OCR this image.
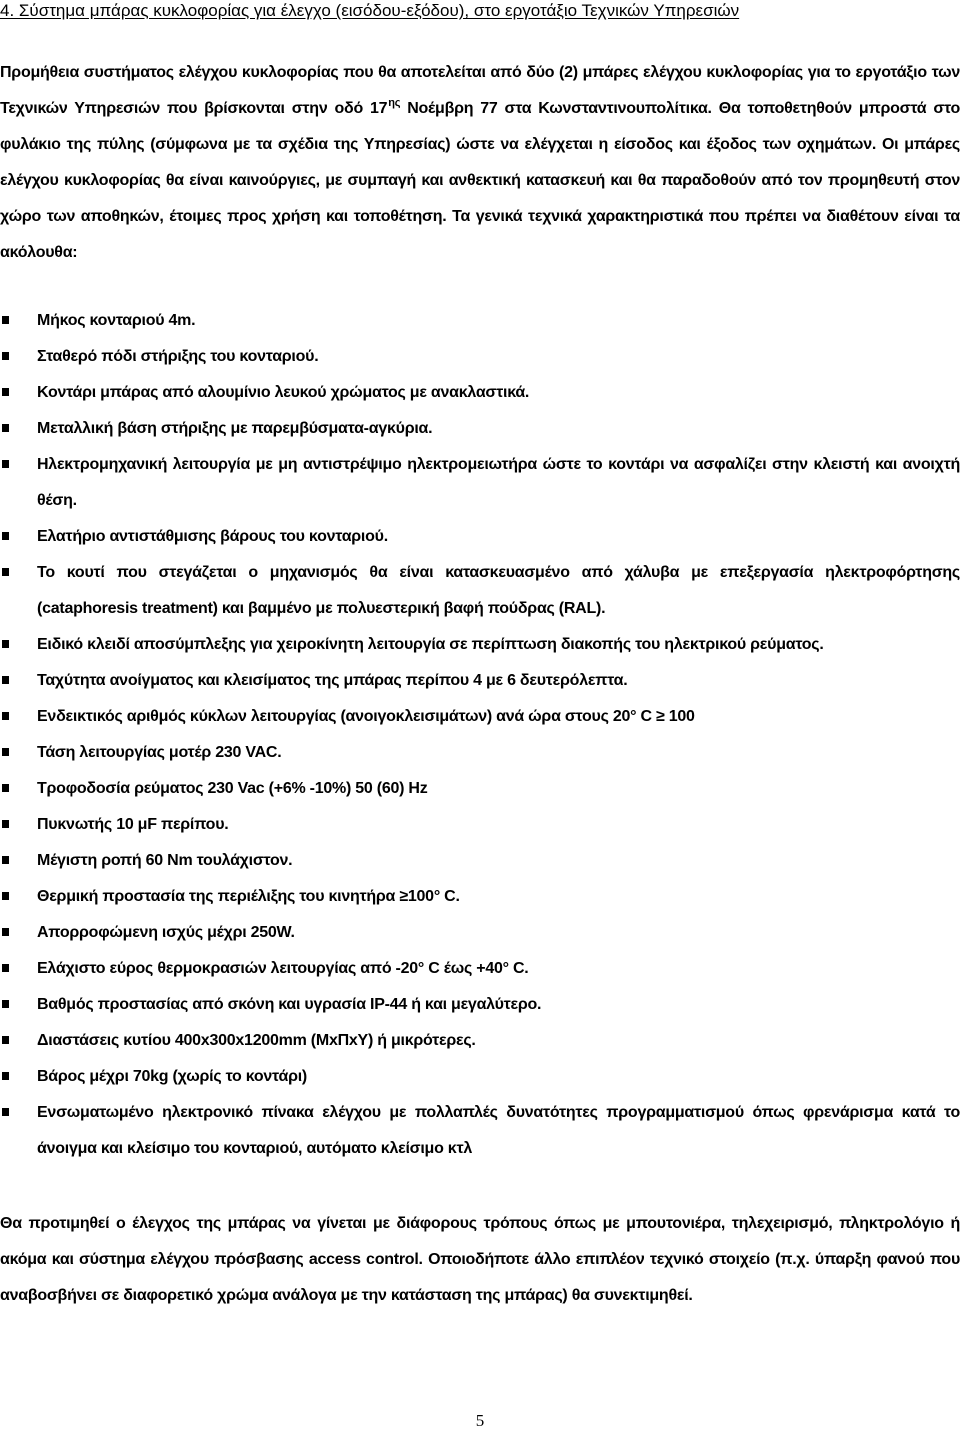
4. Σύστημα μπάρας κυκλοφορίας για έλεγχο (εισόδου-εξόδου), στο εργοτάξιο Τεχνικών Υπηρεσιών
Προμήθεια συστήματος ελέγχου κυκλοφορίας που θα αποτελείται από δύο (2) μπάρες ελέγχου κυκλοφορίας για το εργοτάξιο των Τεχνικών Υπηρεσιών που βρίσκονται στην οδό $17^{\eta\varsigma}$ Νοέμβρη 77 στα Κωνσταντινουπολίτικα. Θα τοποθετηθούν μπροστά στο φυλάκιο της πύλης (σύμφωνα με τα σχέδια της Υπηρεσίας) ώστε να ελέγχεται η είσοδος και έξοδος των οχημάτων. Οι μπάρες ελέγχου κυκλοφορίας θα είναι καινούργιες, με συμπαγή και ανθεκτική κατασκευή και θα παραδοθούν από τον προμηθευτή στον χώρο των αποθηκών, έτοιμες προς χρήση και τοποθέτηση. Τα γενικά τεχνικά χαρακτηριστικά που πρέπει να διαθέτουν είναι τα ακόλουθα:
Μήκος κονταριού 4m.
Σταθερό πόδι στήριξης του κονταριού.
Κοντάρι μπάρας από αλουμίνιο λευκού χρώματος με ανακλαστικά.
Μεταλλική βάση στήριξης με παρεμβύσματα-αγκύρια.
Ηλεκτρομηχανική λειτουργία με μη αντιστρέψιμο ηλεκτρομειωτήρα ώστε το κοντάρι να ασφαλίζει στην κλειστή και ανοιχτή θέση.
Ελατήριο αντιστάθμισης βάρους του κονταριού.
Το κουτί που στεγάζεται ο μηχανισμός θα είναι κατασκευασμένο από χάλυβα με επεξεργασία ηλεκτροφόρτησης (cataphoresis treatment) και βαμμένο με πολυεστερική βαφή πούδρας (RAL).
Ειδικό κλειδί αποσύμπλεξης για χειροκίνητη λειτουργία σε περίπτωση διακοπής του ηλεκτρικού ρεύματος.
Ταχύτητα ανοίγματος και κλεισίματος της μπάρας περίπου 4 με 6 δευτερόλεπτα.
Ενδεικτικός αριθμός κύκλων λειτουργίας (ανοιγοκλεισιμάτων) ανά ώρα στους 20° C ≥ 100
Τάση λειτουργίας μοτέρ 230 VAC.
Τροφοδοσία ρεύματος 230 Vac (+6% -10%) 50 (60) Hz
Πυκνωτής 10 μF περίπου.
Μέγιστη ροπή 60 Nm τουλάχιστον.
Θερμική προστασία της περιέλιξης του κινητήρα ≥100° C.
Απορροφώμενη ισχύς μέχρι 250W.
Ελάχιστο εύρος θερμοκρασιών λειτουργίας από -20° C έως +40° C.
Βαθμός προστασίας από σκόνη και υγρασία IP-44 ή και μεγαλύτερο.
Διαστάσεις κυτίου 400x300x1200mm (ΜxΠxΥ) ή μικρότερες.
Βάρος μέχρι 70kg (χωρίς το κοντάρι)
Ενσωματωμένο ηλεκτρονικό πίνακα ελέγχου με πολλαπλές δυνατότητες προγραμματισμού όπως φρενάρισμα κατά το άνοιγμα και κλείσιμο του κονταριού, αυτόματο κλείσιμο κτλ
Θα προτιμηθεί ο έλεγχος της μπάρας να γίνεται με διάφορους τρόπους όπως με μπουτονιέρα, τηλεχειρισμό, πληκτρολόγιο ή ακόμα και σύστημα ελέγχου πρόσβασης access control. Οποιοδήποτε άλλο επιπλέον τεχνικό στοιχείο (π.χ. ύπαρξη φανού που αναβοσβήνει σε διαφορετικό χρώμα ανάλογα με την κατάσταση της μπάρας) θα συνεκτιμηθεί.
5
